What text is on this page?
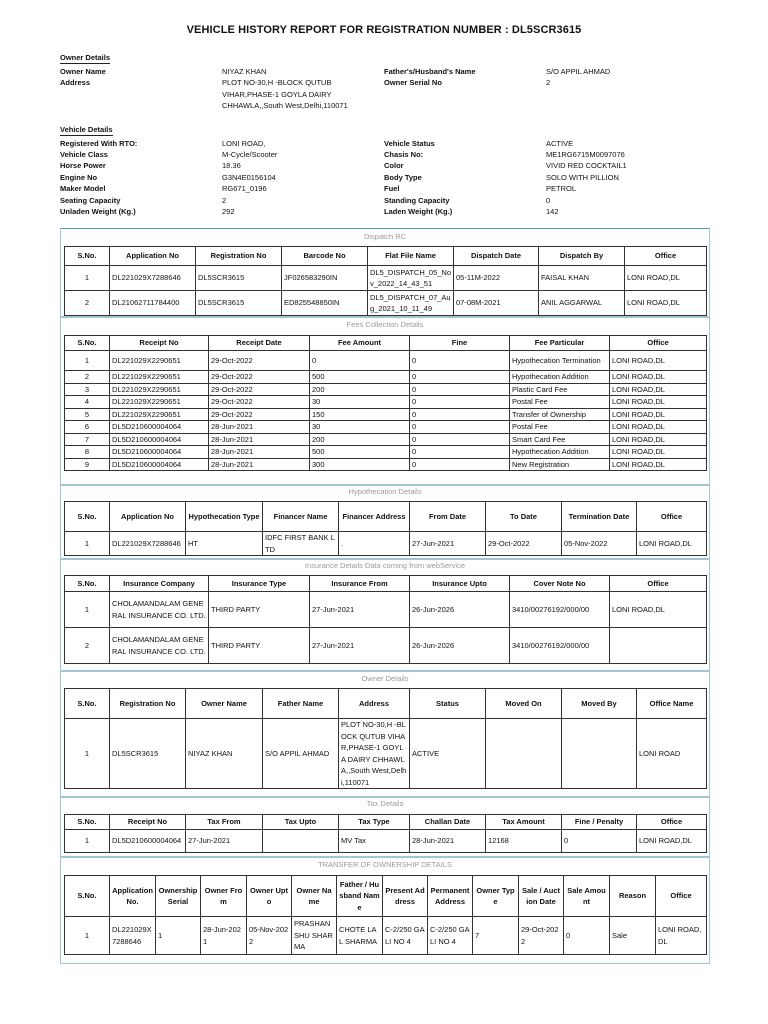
VEHICLE HISTORY REPORT FOR REGISTRATION NUMBER : DL5SCR3615
Owner Details
Owner Name	NIYAZ KHAN	Father's/Husband's Name	S/O APPIL AHMAD
Address	PLOT NO-30,H -BLOCK QUTUB VIHAR,PHASE-1 GOYLA DAIRY CHHAWLA,,South West,Delhi,110071
Owner Serial No	2
Vehicle Details
Registered With RTO:	LONI ROAD,	Vehicle Status	ACTIVE
Vehicle Class	M-Cycle/Scooter	Chasis No:	ME1RG6715M0097076
Horse Power	18.36	Color	VIVID RED COCKTAIL1
Engine No	G3N4E0156104	Body Type	SOLO WITH PILLION
Maker Model	RG671_0196	Fuel	PETROL
Seating Capacity	2	Standing Capacity	0
Unladen Weight (Kg.)	292	Laden Weight (Kg.)	142
Dispatch RC
S.No.	Application No	Registration No	Barcode No	Flat File Name	Dispatch Date	Dispatch By	Office
1	DL221029X7288646	DL5SCR3615	JF026583290IN	DL5_DISPATCH_05_Nov_2022_14_43_51	05-11M-2022	FAISAL KHAN	LONI ROAD,DL
2	DL21062711784400	DL5SCR3615	ED825548850IN	DL5_DISPATCH_07_Aug_2021_10_11_49	07-08M-2021	ANIL AGGARWAL	LONI ROAD,DL
Fees Collection Details
S.No.	Receipt No	Receipt Date	Fee Amount	Fine	Fee Particular	Office
1	DL221029X2290651	29-Oct-2022	0	0	Hypothecation Termination	LONI ROAD,DL
2	DL221029X2290651	29-Oct-2022	500	0	Hypothecation Addition	LONI ROAD,DL
3	DL221029X2290651	29-Oct-2022	200	0	Plastic Card Fee	LONI ROAD,DL
4	DL221029X2290651	29-Oct-2022	30	0	Postal Fee	LONI ROAD,DL
5	DL221029X2290651	29-Oct-2022	150	0	Transfer of Ownership	LONI ROAD,DL
6	DL5D210600004064	28-Jun-2021	30	0	Postal Fee	LONI ROAD,DL
7	DL5D210600004064	28-Jun-2021	200	0	Smart Card Fee	LONI ROAD,DL
8	DL5D210600004064	28-Jun-2021	500	0	Hypothecation Addition	LONI ROAD,DL
9	DL5D210600004064	28-Jun-2021	300	0	New Registration	LONI ROAD,DL
Hypothecation Details
S.No.	Application No	Hypothecation Type	Financer Name	Financer Address	From Date	To Date	Termination Date	Office
1	DL221029X7288646	HT	IDFC FIRST BANK LTD	.	27-Jun-2021	29-Oct-2022	05-Nov-2022	LONI ROAD,DL
Insurance Details Data coming from webService
S.No.	Insurance Company	Insurance Type	Insurance From	Insurance Upto	Cover Note No	Office
1	CHOLAMANDALAM GENERAL INSURANCE CO. LTD.	THIRD PARTY	27-Jun-2021	26-Jun-2026	3410/00276192/000/00	LONI ROAD,DL
2	CHOLAMANDALAM GENERAL INSURANCE CO. LTD.	THIRD PARTY	27-Jun-2021	26-Jun-2026	3410/00276192/000/00	
Owner Details
S.No.	Registration No	Owner Name	Father Name	Address	Status	Moved On	Moved By	Office Name
1	DL5SCR3615	NIYAZ KHAN	S/O APPIL AHMAD	PLOT NO-30,H -BLOCK QUTUB VIHAR,PHASE-1 GOYLA DAIRY CHHAWLA,,South West,Delhi,110071	ACTIVE			LONI ROAD
Tax Details
S.No.	Receipt No	Tax From	Tax Upto	Tax Type	Challan Date	Tax Amount	Fine / Penalty	Office
1	DL5D210600004064	27-Jun-2021		MV Tax	28-Jun-2021	12168	0	LONI ROAD,DL
TRANSFER OF OWNERSHIP DETAILS
S.No.	Application No.	Ownership Serial	Owner From	Owner Upto	Owner Name	Father / Husband Name	Present Address	Permanent Address	Owner Type	Sale / Auction Date	Sale Amount	Reason	Office
1	DL221029X7288646	1	28-Jun-2021	05-Nov-2022	PRASHANSHU SHARMA	CHOTE LAL SHARMA	C-2/250 GALI NO 4	C-2/250 GALI NO 4	7	29-Oct-2022	0	Sale	LONI ROAD,DL
